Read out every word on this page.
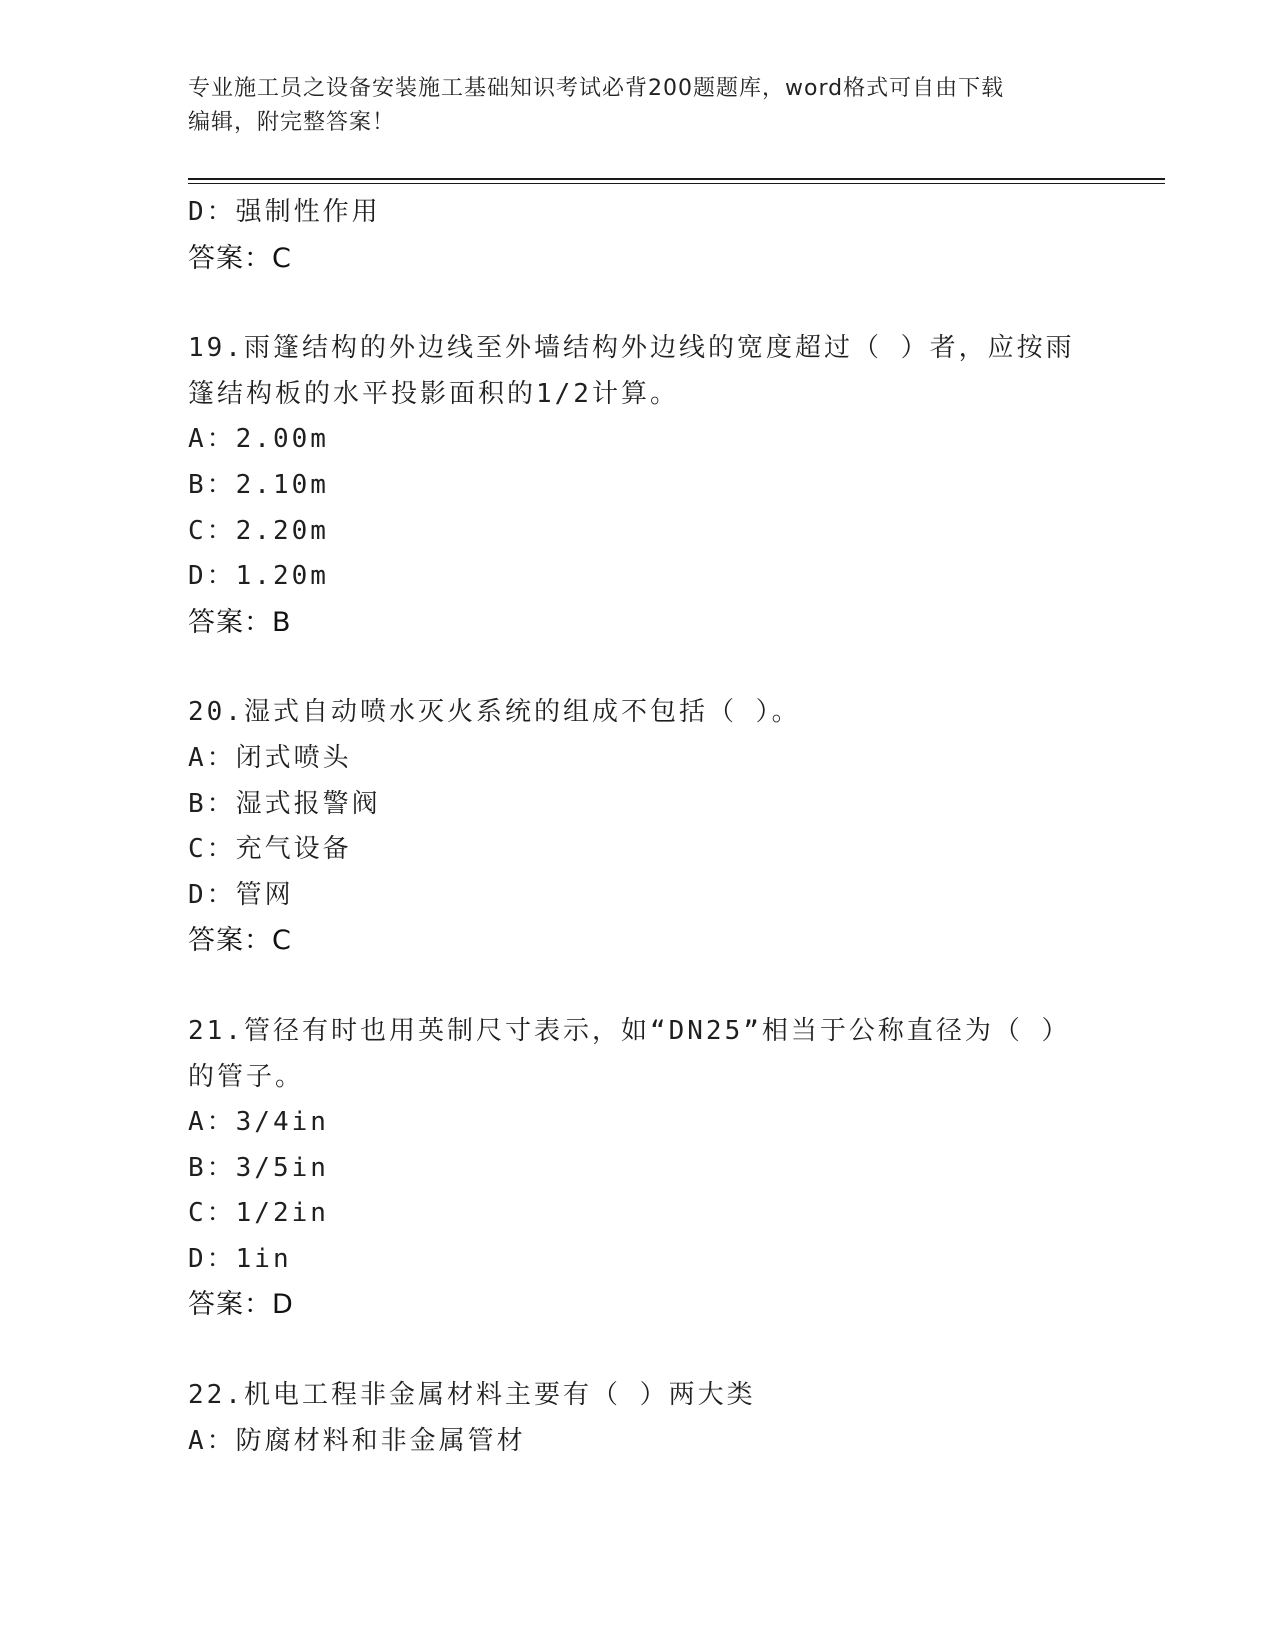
专业施工员之设备安装施工基础知识考试必背200题题库，word格式可自由下载
编辑，附完整答案！
D：强制性作用
答案：C
19.雨篷结构的外边线至外墙结构外边线的宽度超过（ ）者，应按雨
篷结构板的水平投影面积的1/2计算。
A：2.00m
B：2.10m
C：2.20m
D：1.20m
答案：B
20.湿式自动喷水灭火系统的组成不包括（ ）。
A：闭式喷头
B：湿式报警阀
C：充气设备
D：管网
答案：C
21.管径有时也用英制尺寸表示，如“DN25”相当于公称直径为（ ）
的管子。
A：3/4in
B：3/5in
C：1/2in
D：1in
答案：D
22.机电工程非金属材料主要有（ ）两大类
A：防腐材料和非金属管材
